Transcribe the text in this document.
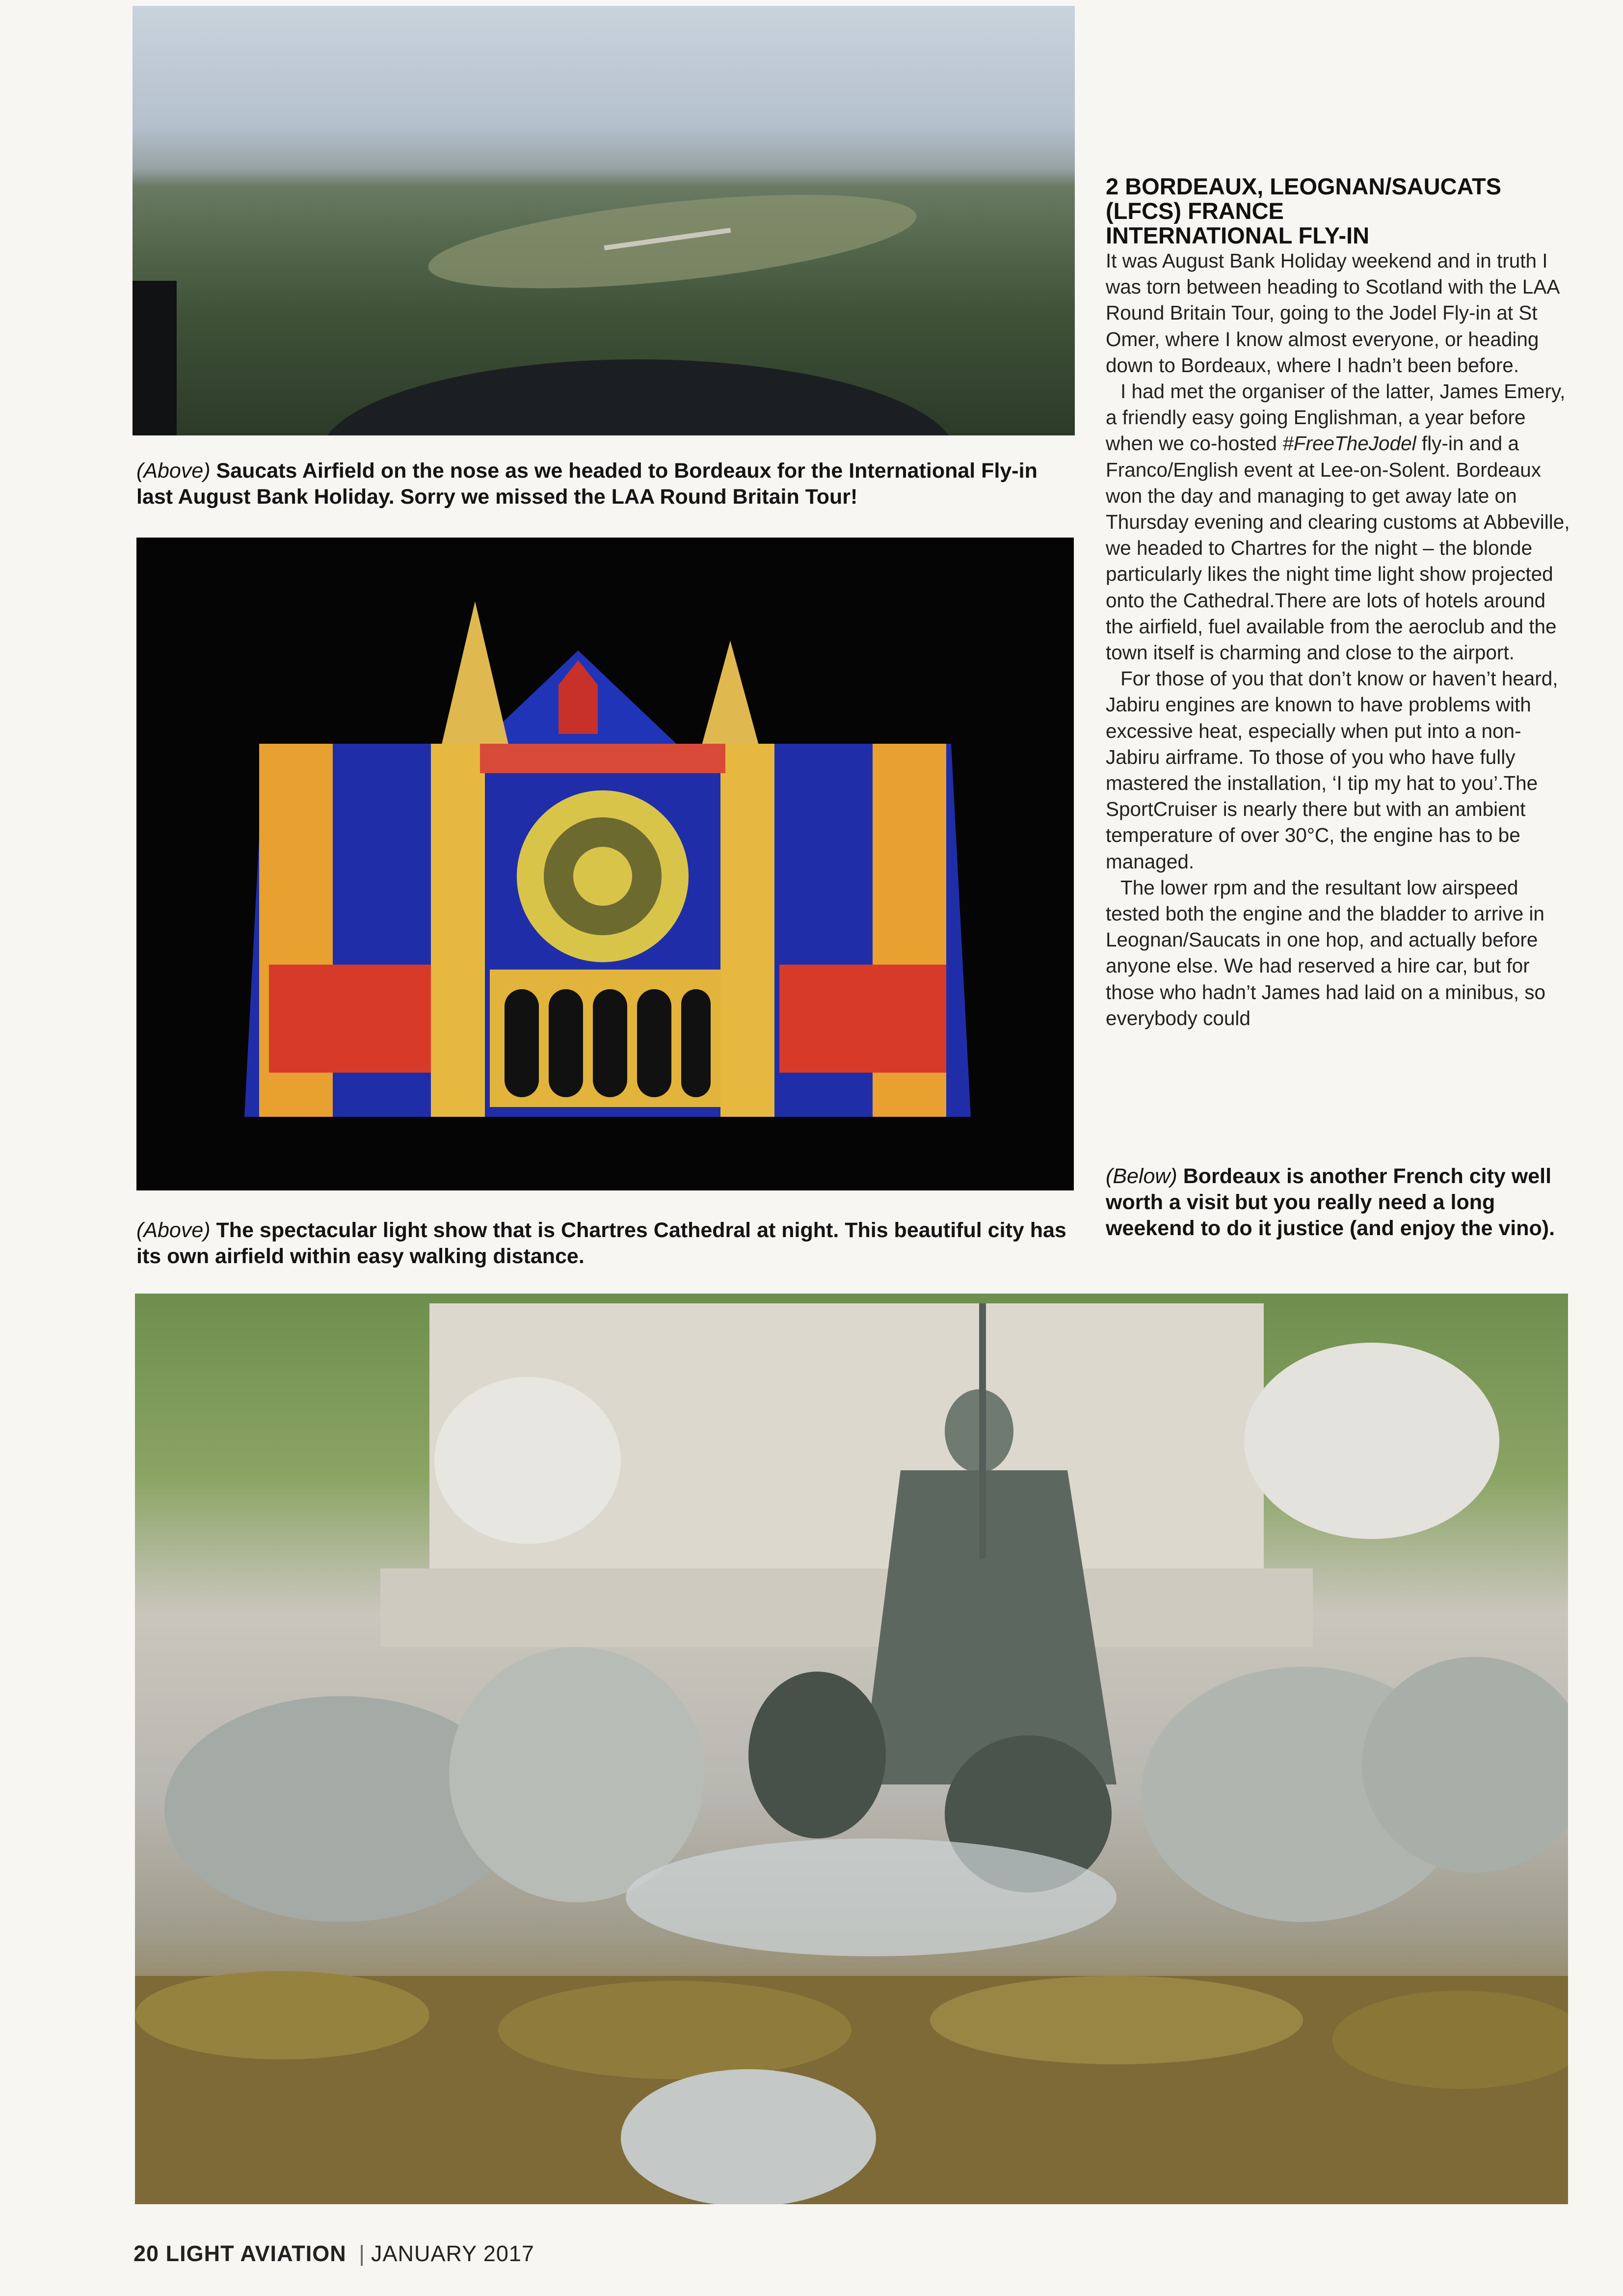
(Above) Saucats Airfield on the nose as we headed to Bordeaux for the International Fly-in last August Bank Holiday. Sorry we missed the LAA Round Britain Tour!
(Above) The spectacular light show that is Chartres Cathedral at night. This beautiful city has its own airfield within easy walking distance.
2 BORDEAUX, LEOGNAN/SAUCATS
(LFCS) FRANCE
INTERNATIONAL FLY-IN

It was August Bank Holiday weekend and in truth I was torn between heading to Scotland with the LAA Round Britain Tour, going to the Jodel Fly-in at St Omer, where I know almost everyone, or heading down to Bordeaux, where I hadn’t been before.

I had met the organiser of the latter, James Emery, a friendly easy going Englishman, a year before when we co-hosted #FreeTheJodel fly-in and a Franco/English event at Lee-on-Solent. Bordeaux won the day and managing to get away late on Thursday evening and clearing customs at Abbeville, we headed to Chartres for the night – the blonde particularly likes the night time light show projected onto the Cathedral.There are lots of hotels around the airfield, fuel available from the aeroclub and the town itself is charming and close to the airport.

For those of you that don’t know or haven’t heard, Jabiru engines are known to have problems with excessive heat, especially when put into a non-Jabiru airframe. To those of you who have fully mastered the installation, ‘I tip my hat to you’.The SportCruiser is nearly there but with an ambient temperature of over 30°C, the engine has to be managed.

The lower rpm and the resultant low airspeed tested both the engine and the bladder to arrive in Leognan/Saucats in one hop, and actually before anyone else. We had reserved a hire car, but for those who hadn’t James had laid on a minibus, so everybody could

(Below) Bordeaux is another French city well worth a visit but you really need a long weekend to do it justice (and enjoy the vino).
20 LIGHT AVIATION | JANUARY 2017
